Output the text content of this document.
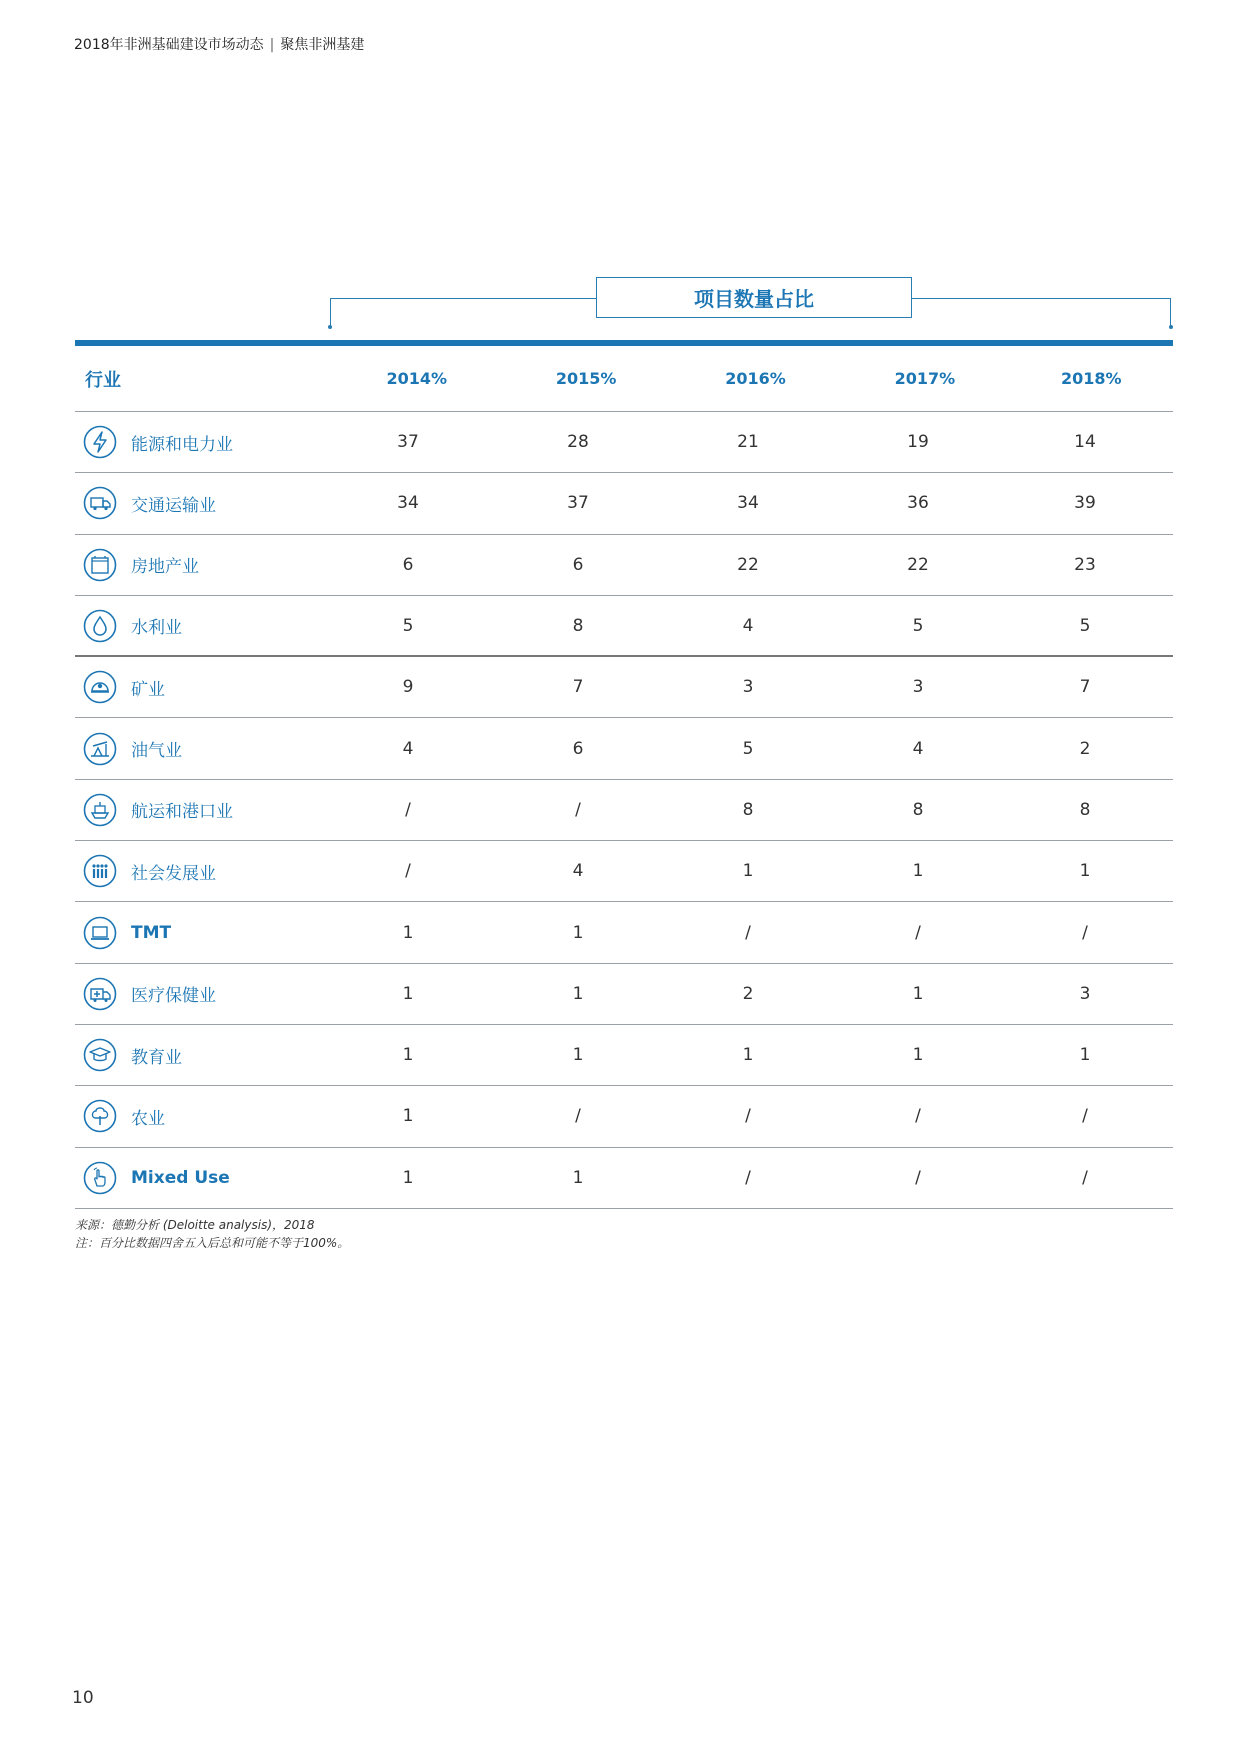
2018年非洲基础建设市场动态 | 聚焦非洲基建
项目数量占比
行业	2014%	2015%	2016%	2017%	2018%
能源和电力业	37	28	21	19	14
交通运输业	34	37	34	36	39
房地产业	6	6	22	22	23
水利业	5	8	4	5	5
矿业	9	7	3	3	7
油气业	4	6	5	4	2
航运和港口业	/	/	8	8	8
社会发展业	/	4	1	1	1
TMT	1	1	/	/	/
医疗保健业	1	1	2	1	3
教育业	1	1	1	1	1
农业	1	/	/	/	/
Mixed Use	1	1	/	/	/
来源：德勤分析 (Deloitte analysis)，2018
注：百分比数据四舍五入后总和可能不等于100%。
10
